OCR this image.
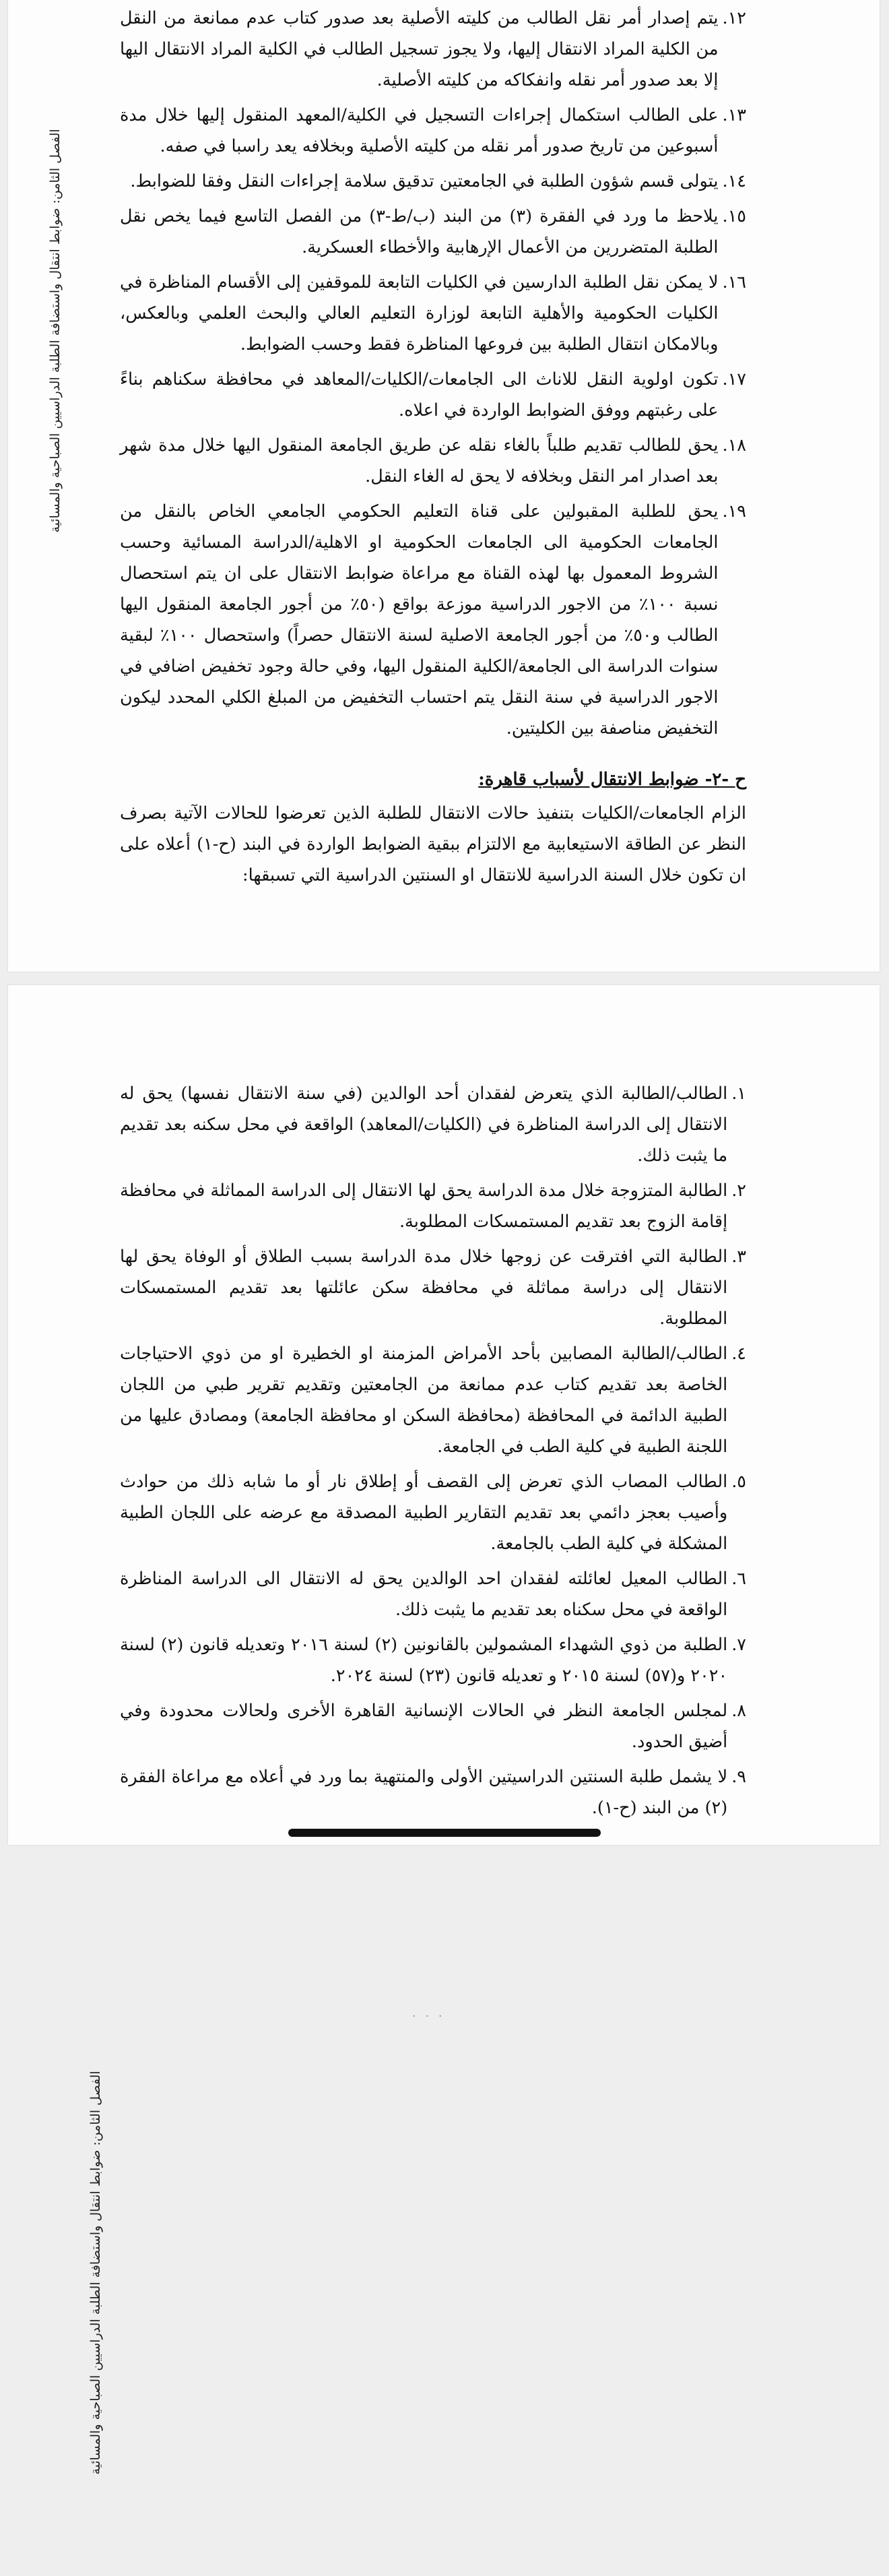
الفصل الثامن: ضوابط انتقال واستضافة الطلبة الدراسيين الصباحية والمسائية
١٢.
يتم إصدار أمر نقل الطالب من كليته الأصلية بعد صدور كتاب عدم ممانعة من النقل من الكلية المراد الانتقال إليها، ولا يجوز تسجيل الطالب في الكلية المراد الانتقال اليها إلا بعد صدور أمر نقله وانفكاكه من كليته الأصلية.
١٣.
على الطالب استكمال إجراءات التسجيل في الكلية/المعهد المنقول إليها خلال مدة أسبوعين من تاريخ صدور أمر نقله من كليته الأصلية وبخلافه يعد راسبا في صفه.
١٤.
يتولى قسم شؤون الطلبة في الجامعتين تدقيق سلامة إجراءات النقل وفقا للضوابط.
١٥.
يلاحظ ما ورد في الفقرة (٣) من البند (ب/ط-٣) من الفصل التاسع فيما يخص نقل الطلبة المتضررين من الأعمال الإرهابية والأخطاء العسكرية.
١٦.
لا يمكن نقل الطلبة الدارسين في الكليات التابعة للموقفين إلى الأقسام المناظرة في الكليات الحكومية والأهلية التابعة لوزارة التعليم العالي والبحث العلمي وبالعكس، وبالامكان انتقال الطلبة بين فروعها المناظرة فقط وحسب الضوابط.
١٧.
تكون اولوية النقل للاناث الى الجامعات/الكليات/المعاهد في محافظة سكناهم بناءً على رغبتهم ووفق الضوابط الواردة في اعلاه.
١٨.
يحق للطالب تقديم طلباً بالغاء نقله عن طريق الجامعة المنقول اليها خلال مدة شهر بعد اصدار امر النقل وبخلافه لا يحق له الغاء النقل.
١٩.
يحق للطلبة المقبولين على قناة التعليم الحكومي الجامعي الخاص بالنقل من الجامعات الحكومية الى الجامعات الحكومية او الاهلية/الدراسة المسائية وحسب الشروط المعمول بها لهذه القناة مع مراعاة ضوابط الانتقال على ان يتم استحصال نسبة ١٠٠٪ من الاجور الدراسية موزعة بواقع (٥٠٪ من أجور الجامعة المنقول اليها الطالب و٥٠٪ من أجور الجامعة الاصلية لسنة الانتقال حصراً) واستحصال ١٠٠٪ لبقية سنوات الدراسة الى الجامعة/الكلية المنقول اليها، وفي حالة وجود تخفيض اضافي في الاجور الدراسية في سنة النقل يتم احتساب التخفيض من المبلغ الكلي المحدد ليكون التخفيض مناصفة بين الكليتين.
ح -٢- ضوابط الانتقال لأسباب قاهرة:

الزام الجامعات/الكليات بتنفيذ حالات الانتقال للطلبة الذين تعرضوا للحالات الآتية بصرف النظر عن الطاقة الاستيعابية مع الالتزام ببقية الضوابط الواردة في البند (ح-١) أعلاه على ان تكون خلال السنة الدراسية للانتقال او السنتين الدراسية التي تسبقها:

· · ·
الفصل الثامن: ضوابط انتقال واستضافة الطلبة الدراسيين الصباحية والمسائية
١.
الطالب/الطالبة الذي يتعرض لفقدان أحد الوالدين (في سنة الانتقال نفسها) يحق له الانتقال إلى الدراسة المناظرة في (الكليات/المعاهد) الواقعة في محل سكنه بعد تقديم ما يثبت ذلك.
٢.
الطالبة المتزوجة خلال مدة الدراسة يحق لها الانتقال إلى الدراسة المماثلة في محافظة إقامة الزوج بعد تقديم المستمسكات المطلوبة.
٣.
الطالبة التي افترقت عن زوجها خلال مدة الدراسة بسبب الطلاق أو الوفاة يحق لها الانتقال إلى دراسة مماثلة في محافظة سكن عائلتها بعد تقديم المستمسكات المطلوبة.
٤.
الطالب/الطالبة المصابين بأحد الأمراض المزمنة او الخطيرة او من ذوي الاحتياجات الخاصة بعد تقديم كتاب عدم ممانعة من الجامعتين وتقديم تقرير طبي من اللجان الطبية الدائمة في المحافظة (محافظة السكن او محافظة الجامعة) ومصادق عليها من اللجنة الطبية في كلية الطب في الجامعة.
٥.
الطالب المصاب الذي تعرض إلى القصف أو إطلاق نار أو ما شابه ذلك من حوادث وأصيب بعجز دائمي بعد تقديم التقارير الطبية المصدقة مع عرضه على اللجان الطبية المشكلة في كلية الطب بالجامعة.
٦.
الطالب المعيل لعائلته لفقدان احد الوالدين يحق له الانتقال الى الدراسة المناظرة الواقعة في محل سكناه بعد تقديم ما يثبت ذلك.
٧.
الطلبة من ذوي الشهداء المشمولين بالقانونين (٢) لسنة ٢٠١٦ وتعديله قانون (٢) لسنة ٢٠٢٠ و(٥٧) لسنة ٢٠١٥ و تعديله قانون (٢٣) لسنة ٢٠٢٤.
٨.
لمجلس الجامعة النظر في الحالات الإنسانية القاهرة الأخرى ولحالات محدودة وفي أضيق الحدود.
٩.
لا يشمل طلبة السنتين الدراسيتين الأولى والمنتهية بما ورد في أعلاه مع مراعاة الفقرة (٢) من البند (ح-١).
